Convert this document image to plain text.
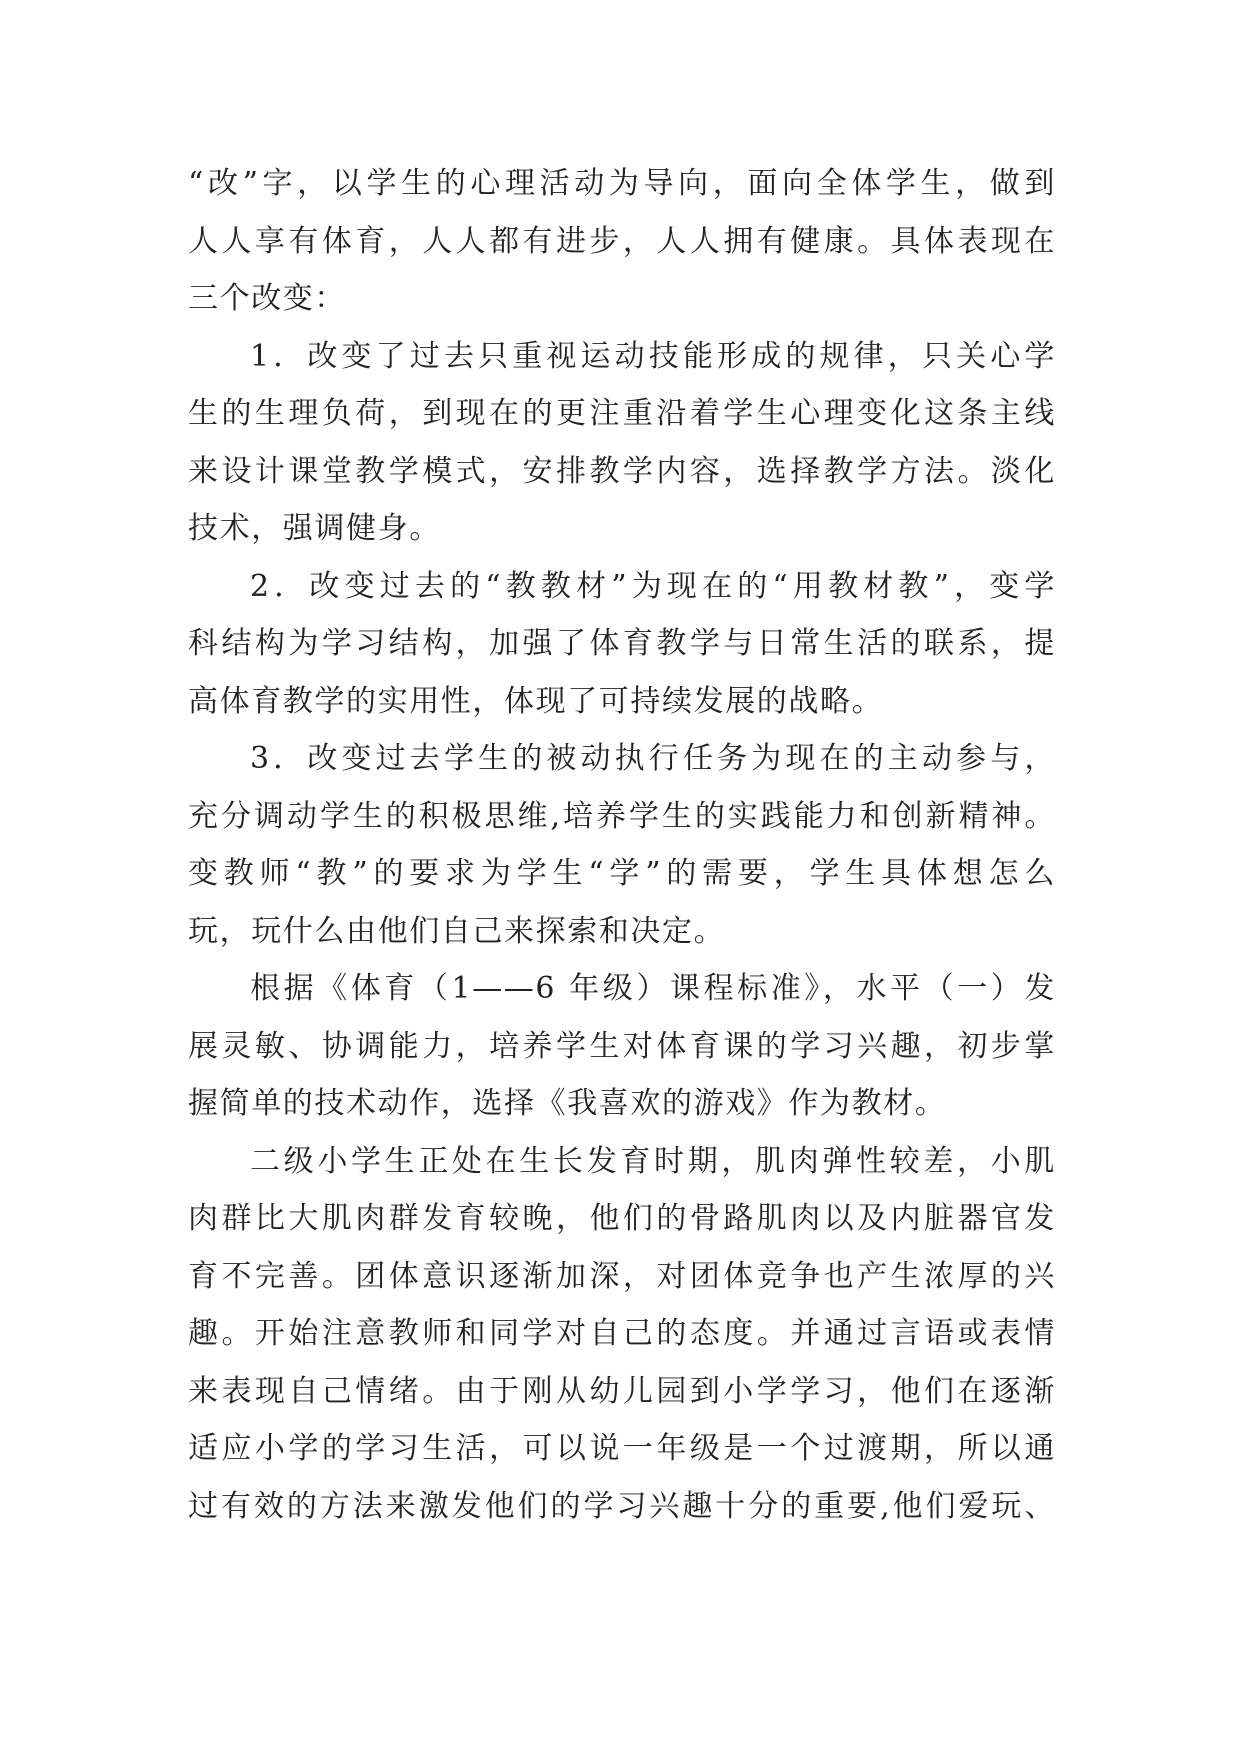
“改”字，以学生的心理活动为导向，面向全体学生，做到
人人享有体育，人人都有进步，人人拥有健康。具体表现在
三个改变：

1．改变了过去只重视运动技能形成的规律，只关心学
生的生理负荷，到现在的更注重沿着学生心理变化这条主线
来设计课堂教学模式，安排教学内容，选择教学方法。淡化
技术，强调健身。

2．改变过去的“教教材”为现在的“用教材教”，变学
科结构为学习结构，加强了体育教学与日常生活的联系，提
高体育教学的实用性，体现了可持续发展的战略。

3．改变过去学生的被动执行任务为现在的主动参与，
充分调动学生的积极思维,培养学生的实践能力和创新精神。
变教师“教”的要求为学生“学”的需要，学生具体想怎么
玩，玩什么由他们自己来探索和决定。

根据《体育（1——6 年级）课程标准》，水平（一）发
展灵敏、协调能力，培养学生对体育课的学习兴趣，初步掌
握简单的技术动作，选择《我喜欢的游戏》作为教材。

二级小学生正处在生长发育时期，肌肉弹性较差，小肌
肉群比大肌肉群发育较晚，他们的骨路肌肉以及内脏器官发
育不完善。团体意识逐渐加深，对团体竞争也产生浓厚的兴
趣。开始注意教师和同学对自己的态度。并通过言语或表情
来表现自己情绪。由于刚从幼儿园到小学学习，他们在逐渐
适应小学的学习生活，可以说一年级是一个过渡期，所以通
过有效的方法来激发他们的学习兴趣十分的重要,他们爱玩、
